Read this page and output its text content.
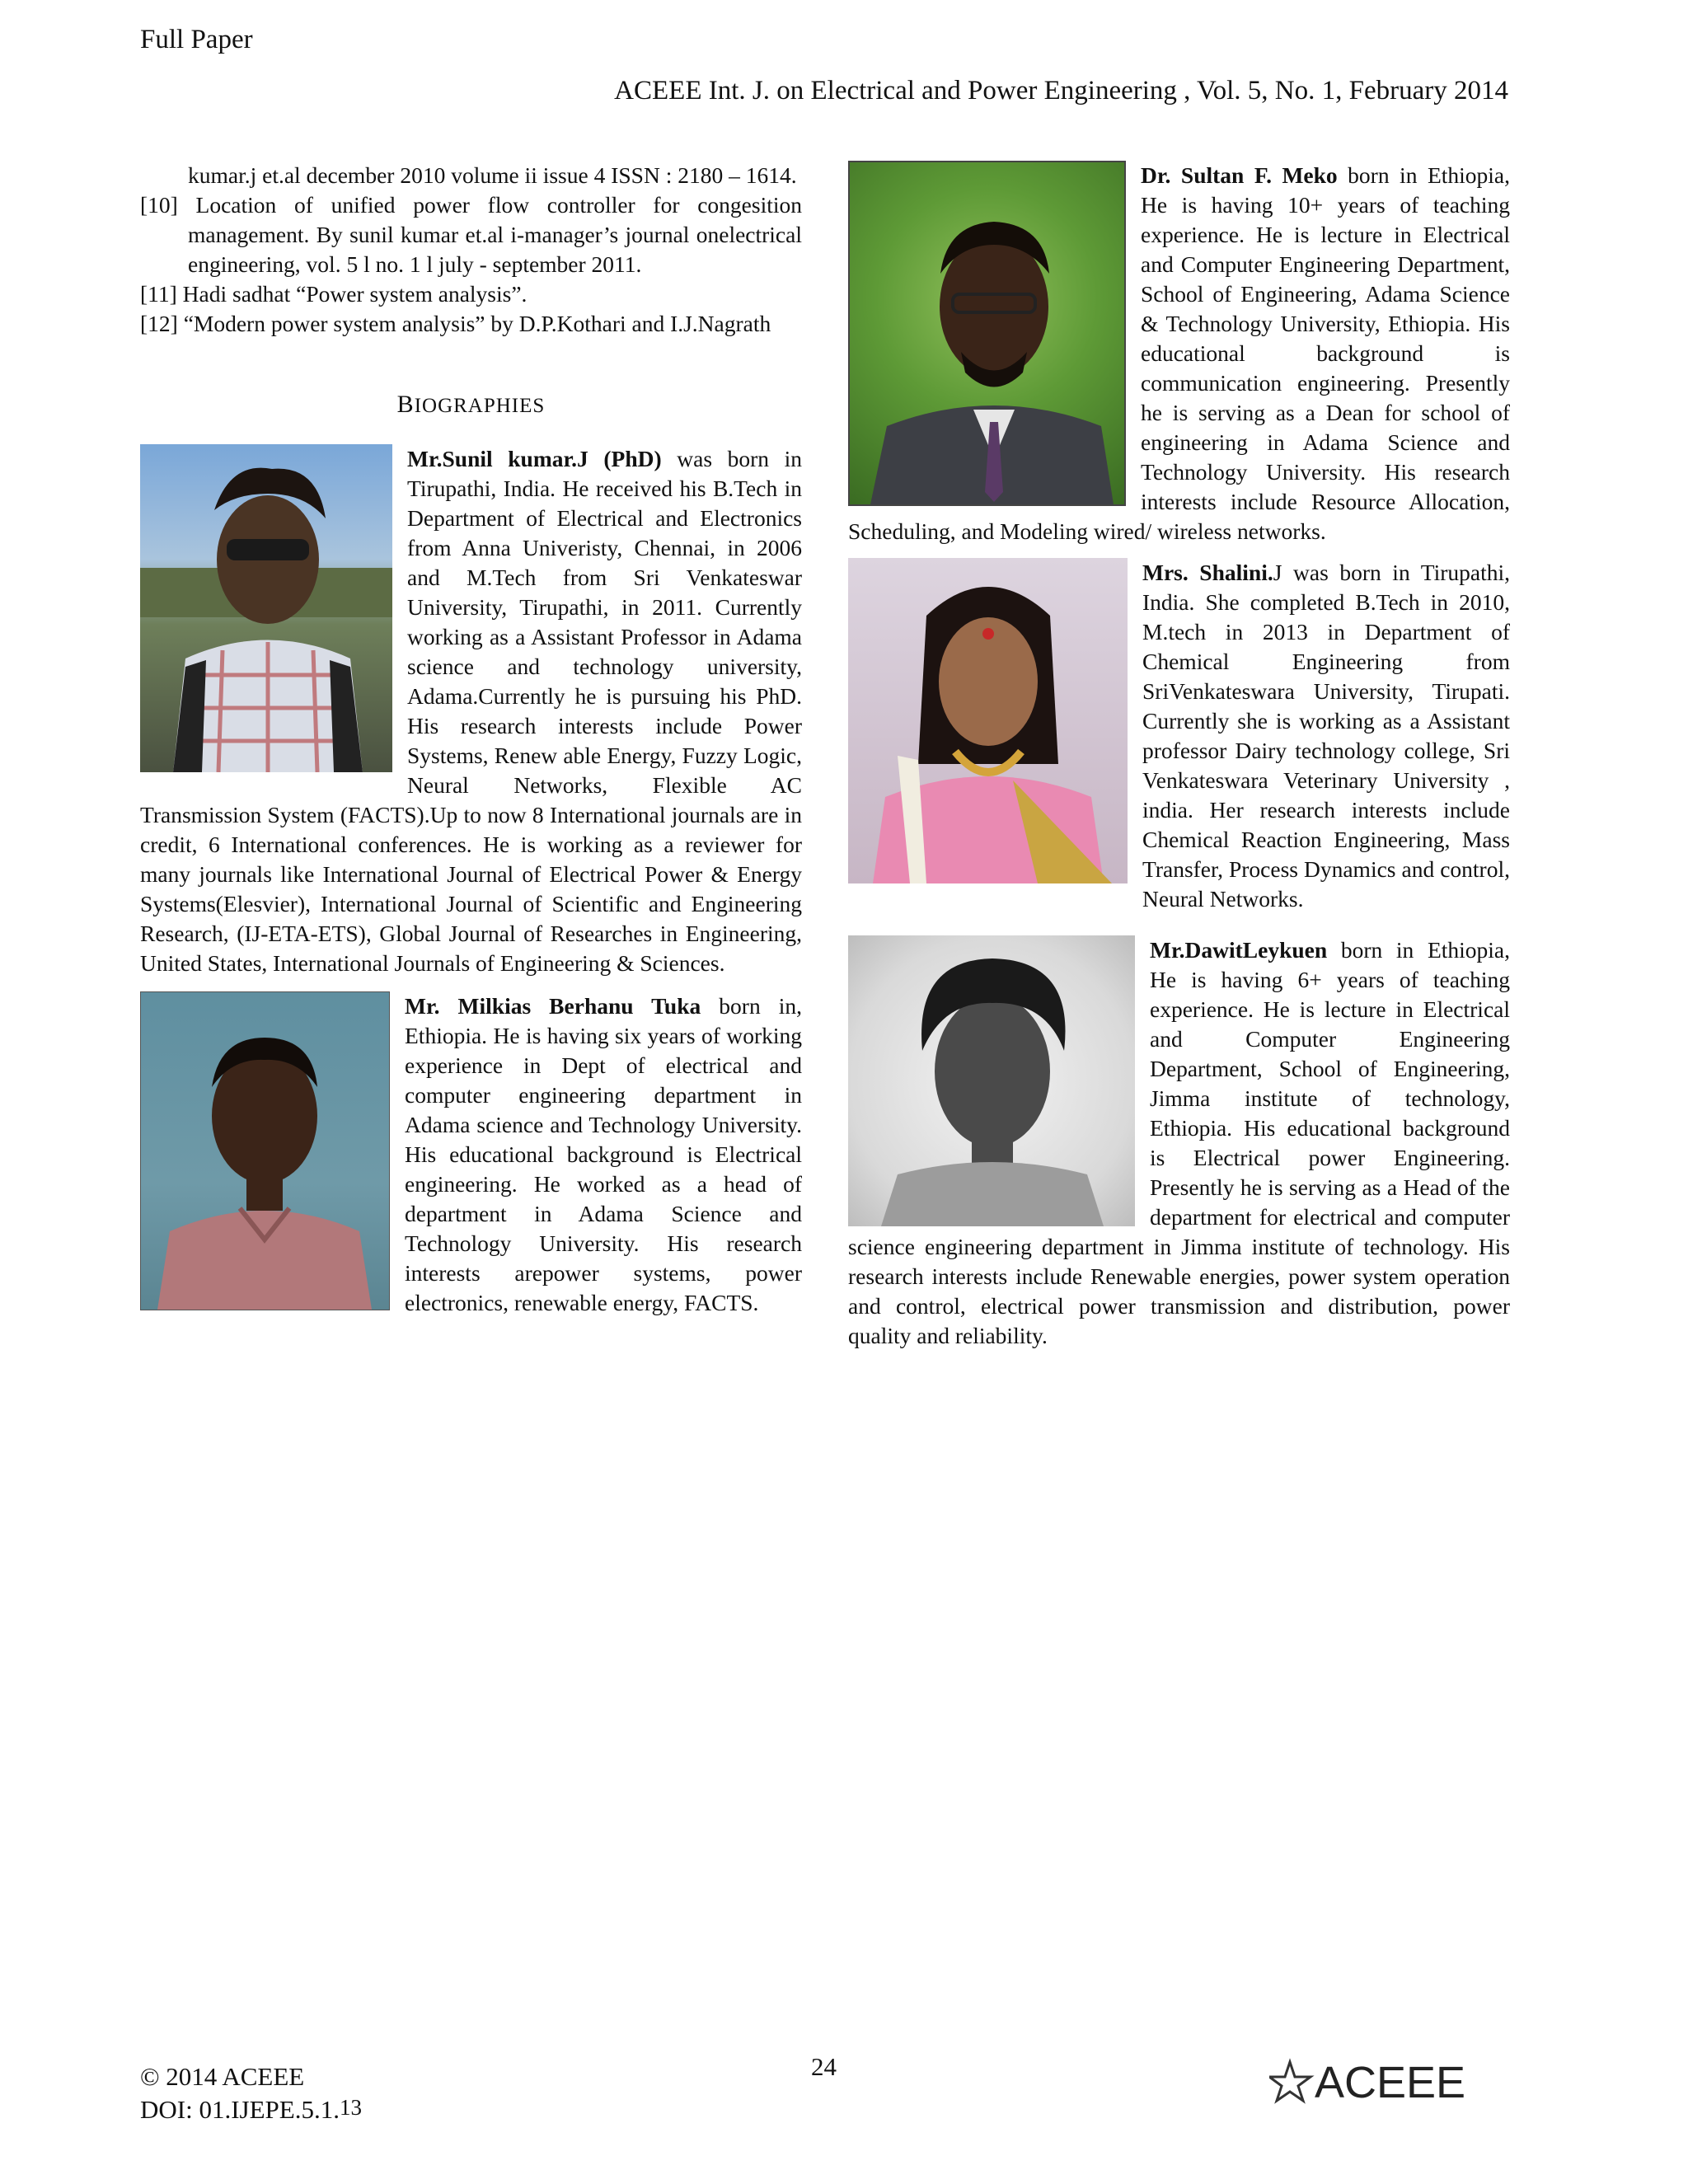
Full Paper
ACEEE Int. J. on Electrical and Power Engineering , Vol. 5, No. 1, February 2014

kumar.j et.al december 2010 volume ii issue 4 ISSN : 2180 – 1614.

[10] Location of unified power flow controller for congesition management. By sunil kumar et.al i-manager’s journal onelectrical engineering, vol. 5 l no. 1 l july - september 2011.

[11] Hadi sadhat “Power system analysis”.

[12] “Modern power system analysis” by D.P.Kothari and I.J.Nagrath

BIOGRAPHIES

Mr.Sunil kumar.J (PhD) was born in Tirupathi, India. He received his B.Tech in Department of Electrical and Electronics from Anna Univeristy, Chennai, in 2006 and M.Tech from Sri Venkateswar University, Tirupathi, in 2011. Currently working as a Assistant Professor in Adama science and technology university, Adama.Currently he is pursuing his PhD. His research interests include Power Systems, Renew able Energy, Fuzzy Logic, Neural Networks, Flexible AC Transmission System (FACTS).Up to now 8 International journals are in credit, 6 International conferences. He is working as a reviewer for many journals like International Journal of Electrical Power & Energy Systems(Elesvier), International Journal of Scientific and Engineering Research, (IJ-ETA-ETS), Global Journal of Researches in Engineering, United States, International Journals of Engineering & Sciences.

Mr. Milkias Berhanu Tuka born in, Ethiopia. He is having six years of working experience in Dept of electrical and computer engineering department in Adama science and Technology University. His educational background is Electrical engineering. He worked as a head of department in Adama Science and Technology University. His research interests arepower systems, power electronics, renewable energy, FACTS.

Dr. Sultan F. Meko born in Ethiopia, He is having 10+ years of teaching experience. He is lecture in Electrical and Computer Engineering Department, School of Engineering, Adama Science & Technology University, Ethiopia. His educational background is communication engineering. Presently he is serving as a Dean for school of engineering in Adama Science and Technology University. His research interests include Resource Allocation, Scheduling, and Modeling wired/ wireless networks.

Mrs. Shalini.J was born in Tirupathi, India. She completed B.Tech in 2010, M.tech in 2013 in Department of Chemical Engineering from SriVenkateswara University, Tirupati. Currently she is working as a Assistant professor Dairy technology college, Sri Venkateswara Veterinary University , india. Her research interests include Chemical Reaction Engineering, Mass Transfer, Process Dynamics and control, Neural Networks.

Mr.DawitLeykuen born in Ethiopia, He is having 6+ years of teaching experience. He is lecture in Electrical and Computer Engineering Department, School of Engineering, Jimma institute of technology, Ethiopia. His educational background is Electrical power Engineering. Presently he is serving as a Head of the department for electrical and computer science engineering department in Jimma institute of technology. His research interests include Renewable energies, power system operation and control, electrical power transmission and distribution, power quality and reliability.

© 2014 ACEEE
DOI: 01.IJEPE.5.1.13
24	ACEEE
